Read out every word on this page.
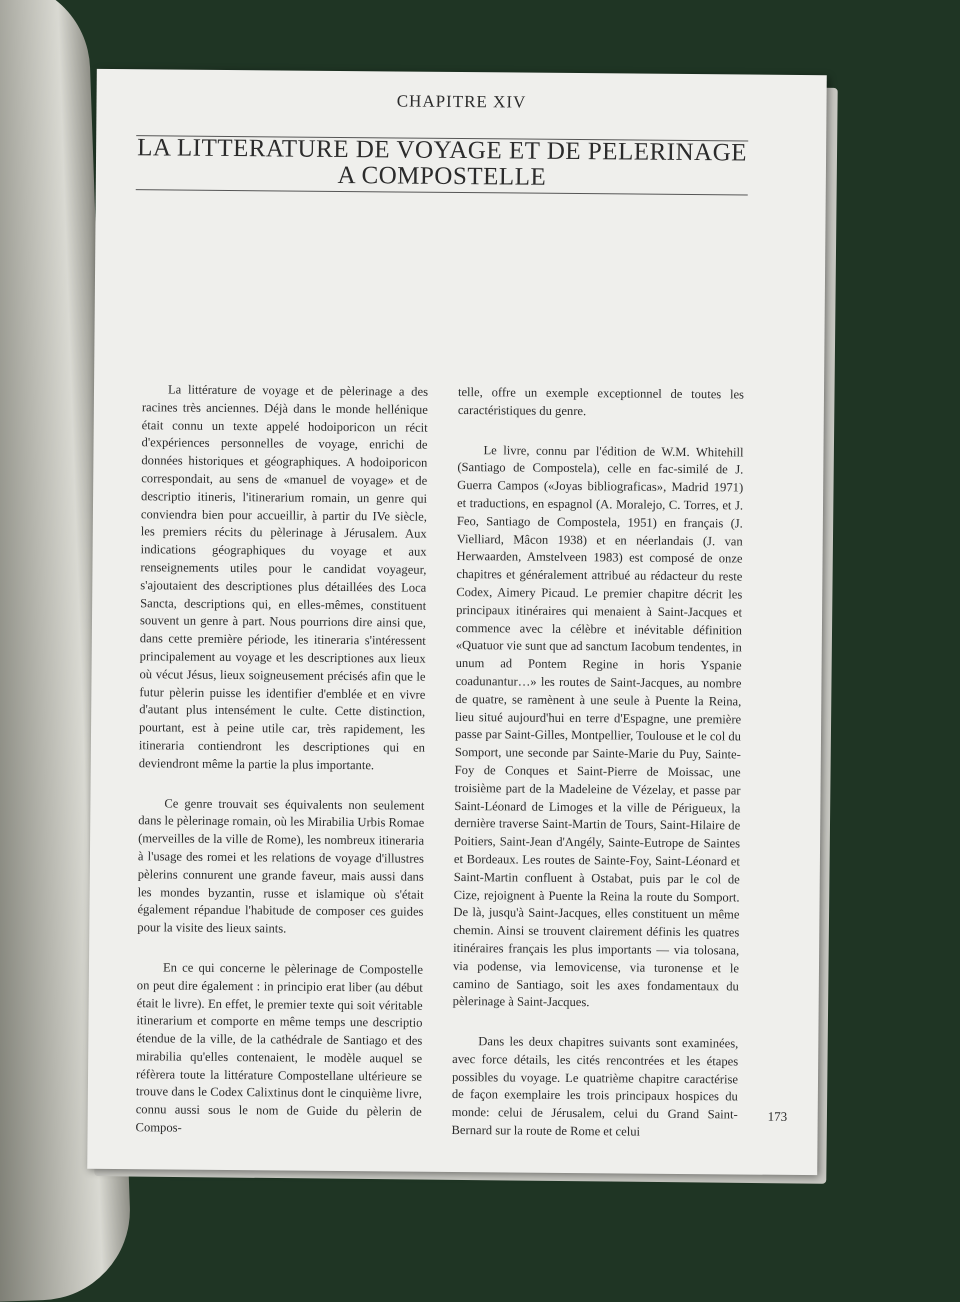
CHAPITRE XIV
LA LITTERATURE DE VOYAGE ET DE PELERINAGE
A COMPOSTELLE

La littérature de voyage et de pèlerinage a des racines très anciennes. Déjà dans le monde hellénique était connu un texte appelé hodoiporicon un récit d'expériences personnelles de voyage, enrichi de données historiques et géographiques. A hodoiporicon correspondait, au sens de «manuel de voyage» et de descriptio itineris, l'itinerarium romain, un genre qui conviendra bien pour accueillir, à partir du IVe siècle, les premiers récits du pèlerinage à Jérusalem. Aux indications géographiques du voyage et aux renseignements utiles pour le candidat voyageur, s'ajoutaient des descriptiones plus détaillées des Loca Sancta, descriptions qui, en elles-mêmes, constituent souvent un genre à part. Nous pourrions dire ainsi que, dans cette première période, les itineraria s'intéressent principalement au voyage et les descriptiones aux lieux où vécut Jésus, lieux soigneusement précisés afin que le futur pèlerin puisse les identifier d'emblée et en vivre d'autant plus intensément le culte. Cette distinction, pourtant, est à peine utile car, très rapidement, les itineraria contiendront les descriptiones qui en deviendront même la partie la plus importante.

Ce genre trouvait ses équivalents non seulement dans le pèlerinage romain, où les Mirabilia Urbis Romae (merveilles de la ville de Rome), les nombreux itineraria à l'usage des romei et les relations de voyage d'illustres pèlerins connurent une grande faveur, mais aussi dans les mondes byzantin, russe et islamique où s'était également répandue l'habitude de composer ces guides pour la visite des lieux saints.

En ce qui concerne le pèlerinage de Compostelle on peut dire également : in principio erat liber (au début était le livre). En effet, le premier texte qui soit véritable itinerarium et comporte en même temps une descriptio étendue de la ville, de la cathédrale de Santiago et des mirabilia qu'elles contenaient, le modèle auquel se réfèrera toute la littérature Compostellane ultérieure se trouve dans le Codex Calixtinus dont le cinquième livre, connu aussi sous le nom de Guide du pèlerin de Compos-

telle, offre un exemple exceptionnel de toutes les caractéristiques du genre.

Le livre, connu par l'édition de W.M. Whitehill (Santiago de Compostela), celle en fac-similé de J. Guerra Campos («Joyas bibliograficas», Madrid 1971) et traductions, en espagnol (A. Moralejo, C. Torres, et J. Feo, Santiago de Compostela, 1951) en français (J. Vielliard, Mâcon 1938) et en néerlandais (J. van Herwaarden, Amstelveen 1983) est composé de onze chapitres et généralement attribué au rédacteur du reste Codex, Aimery Picaud. Le premier chapitre décrit les principaux itinéraires qui menaient à Saint-Jacques et commence avec la célèbre et inévitable définition «Quatuor vie sunt que ad sanctum Iacobum tendentes, in unum ad Pontem Regine in horis Yspanie coadunantur…» les routes de Saint-Jacques, au nombre de quatre, se ramènent à une seule à Puente la Reina, lieu situé aujourd'hui en terre d'Espagne, une première passe par Saint-Gilles, Montpellier, Toulouse et le col du Somport, une seconde par Sainte-Marie du Puy, Sainte-Foy de Conques et Saint-Pierre de Moissac, une troisième part de la Madeleine de Vézelay, et passe par Saint-Léonard de Limoges et la ville de Périgueux, la dernière traverse Saint-Martin de Tours, Saint-Hilaire de Poitiers, Saint-Jean d'Angély, Sainte-Eutrope de Saintes et Bordeaux. Les routes de Sainte-Foy, Saint-Léonard et Saint-Martin confluent à Ostabat, puis par le col de Cize, rejoignent à Puente la Reina la route du Somport. De là, jusqu'à Saint-Jacques, elles constituent un même chemin. Ainsi se trouvent clairement définis les quatres itinéraires français les plus importants — via tolosana, via podense, via lemovicense, via turonense et le camino de Santiago, soit les axes fondamentaux du pèlerinage à Saint-Jacques.

Dans les deux chapitres suivants sont examinées, avec force détails, les cités rencontrées et les étapes possibles du voyage. Le quatrième chapitre caractérise de façon exemplaire les trois principaux hospices du monde: celui de Jérusalem, celui du Grand Saint-Bernard sur la route de Rome et celui

173
